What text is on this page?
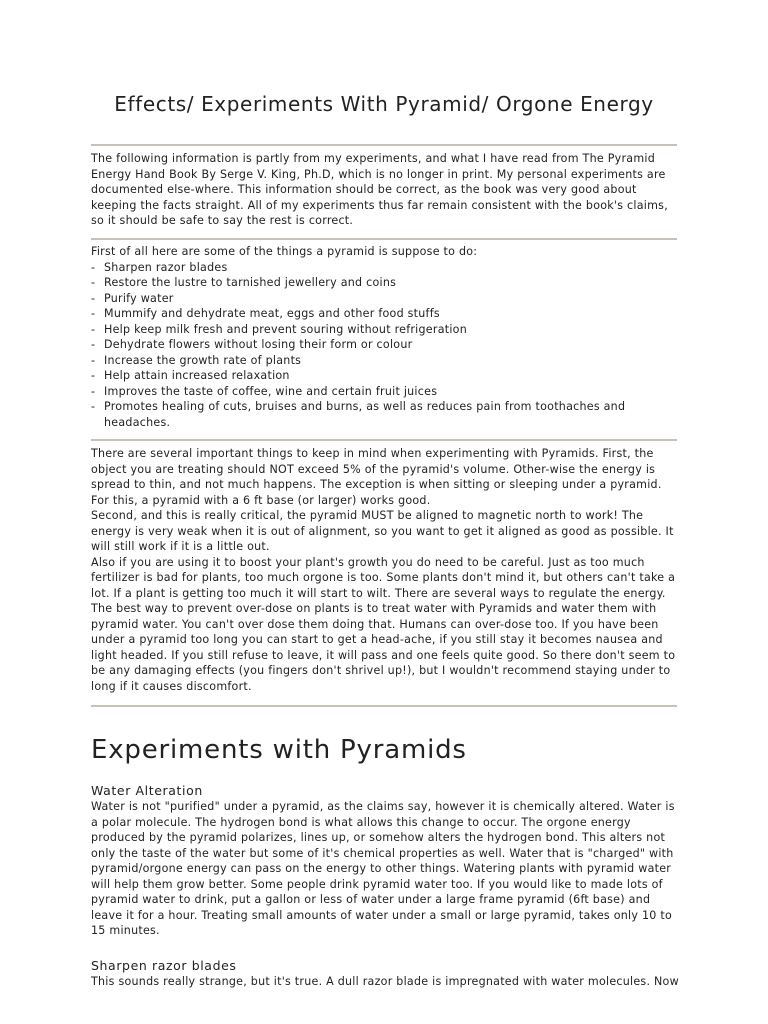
Effects/ Experiments With Pyramid/ Orgone Energy

The following information is partly from my experiments, and what I have read from The Pyramid Energy Hand Book By Serge V. King, Ph.D, which is no longer in print. My personal experiments are documented else-where. This information should be correct, as the book was very good about keeping the facts straight. All of my experiments thus far remain consistent with the book's claims, so it should be safe to say the rest is correct.

First of all here are some of the things a pyramid is suppose to do:

- Sharpen razor blades
- Restore the lustre to tarnished jewellery and coins
- Purify water
- Mummify and dehydrate meat, eggs and other food stuffs
- Help keep milk fresh and prevent souring without refrigeration
- Dehydrate flowers without losing their form or colour
- Increase the growth rate of plants
- Help attain increased relaxation
- Improves the taste of coffee, wine and certain fruit juices
- Promotes healing of cuts, bruises and burns, as well as reduces pain from toothaches and headaches.

There are several important things to keep in mind when experimenting with Pyramids. First, the object you are treating should NOT exceed 5% of the pyramid's volume. Other-wise the energy is spread to thin, and not much happens. The exception is when sitting or sleeping under a pyramid. For this, a pyramid with a 6 ft base (or larger) works good.

Second, and this is really critical, the pyramid MUST be aligned to magnetic north to work! The energy is very weak when it is out of alignment, so you want to get it aligned as good as possible. It will still work if it is a little out.

Also if you are using it to boost your plant's growth you do need to be careful. Just as too much fertilizer is bad for plants, too much orgone is too. Some plants don't mind it, but others can't take a lot. If a plant is getting too much it will start to wilt. There are several ways to regulate the energy. The best way to prevent over-dose on plants is to treat water with Pyramids and water them with pyramid water. You can't over dose them doing that. Humans can over-dose too. If you have been under a pyramid too long you can start to get a head-ache, if you still stay it becomes nausea and light headed. If you still refuse to leave, it will pass and one feels quite good. So there don't seem to be any damaging effects (you fingers don't shrivel up!), but I wouldn't recommend staying under to long if it causes discomfort.

Experiments with Pyramids
Water Alteration

Water is not "purified" under a pyramid, as the claims say, however it is chemically altered. Water is a polar molecule. The hydrogen bond is what allows this change to occur. The orgone energy produced by the pyramid polarizes, lines up, or somehow alters the hydrogen bond. This alters not only the taste of the water but some of it's chemical properties as well. Water that is "charged" with pyramid/orgone energy can pass on the energy to other things. Watering plants with pyramid water will help them grow better. Some people drink pyramid water too. If you would like to made lots of pyramid water to drink, put a gallon or less of water under a large frame pyramid (6ft base) and leave it for a hour. Treating small amounts of water under a small or large pyramid, takes only 10 to 15 minutes.

Sharpen razor blades

This sounds really strange, but it's true. A dull razor blade is impregnated with water molecules. Now
